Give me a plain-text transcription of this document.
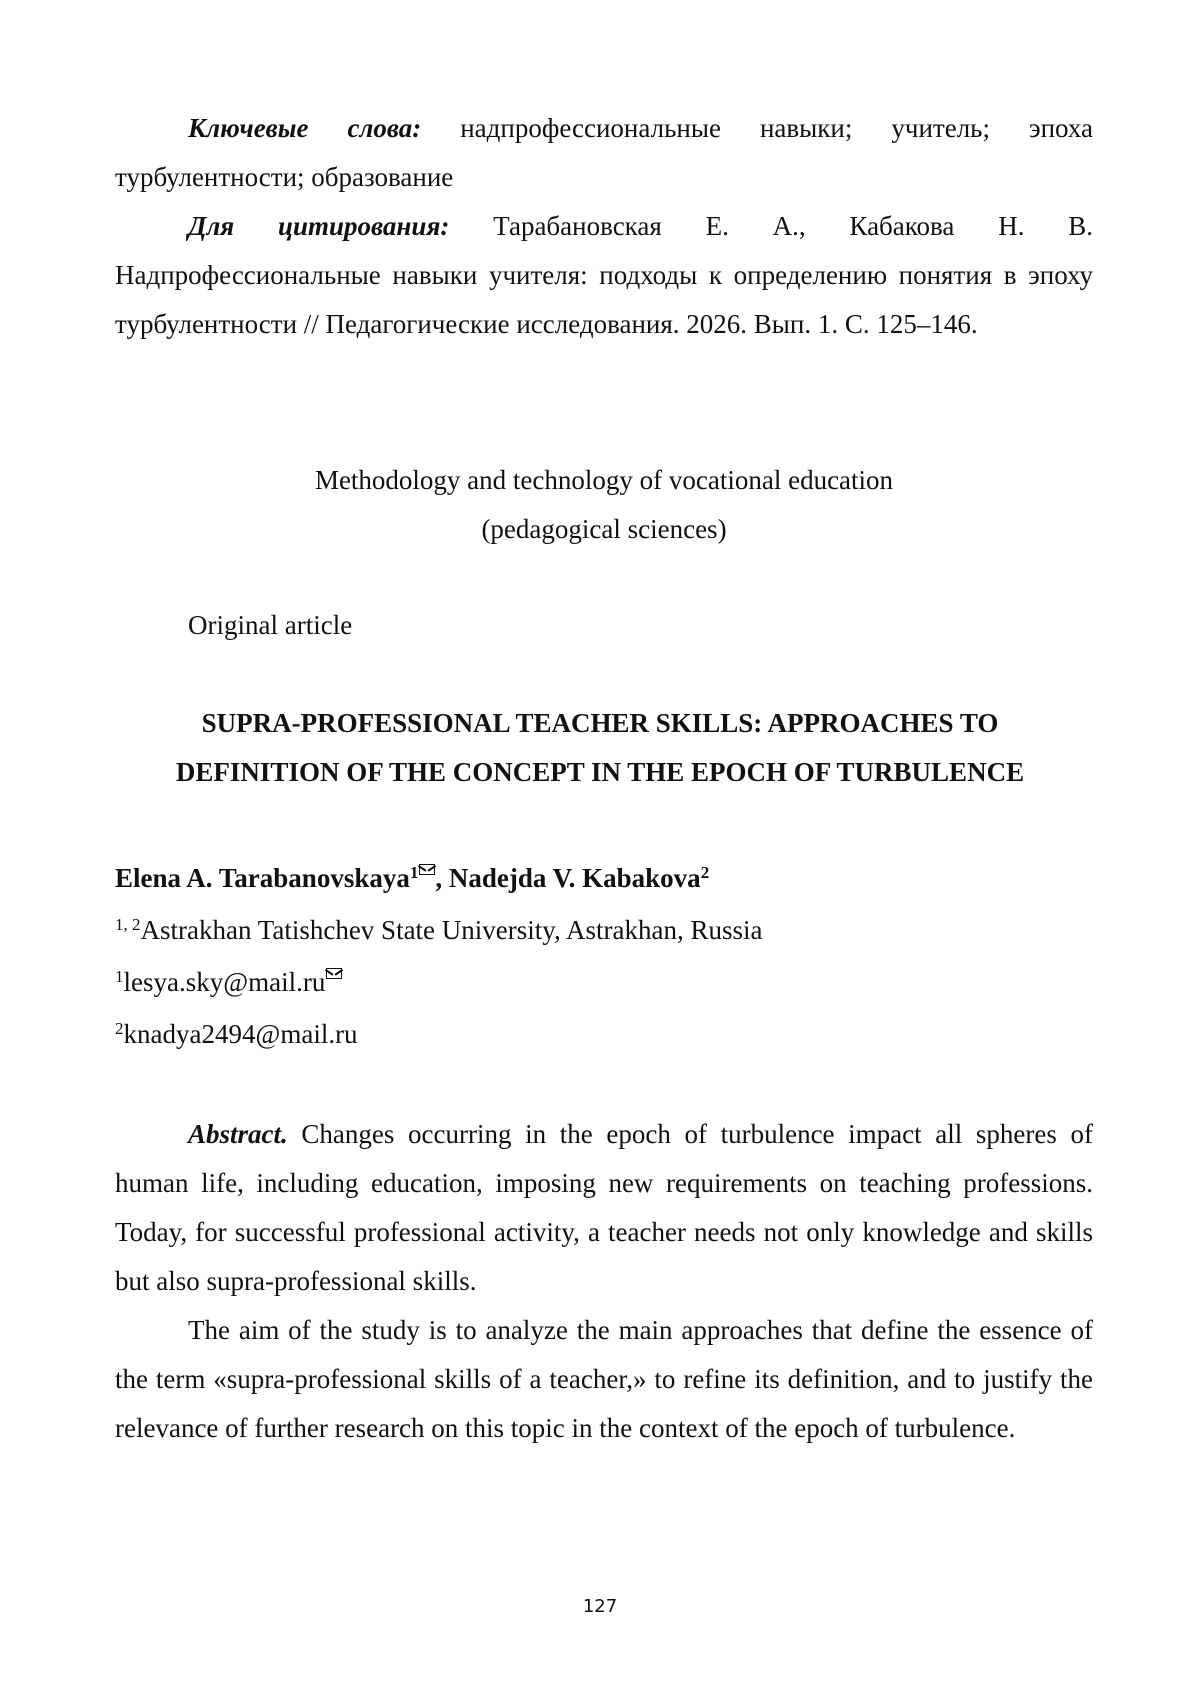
Ключевые слова: надпрофессиональные навыки; учитель; эпоха турбулентности; образование
Для цитирования: Тарабановская Е. А., Кабакова Н. В. Надпрофессиональные навыки учителя: подходы к определению понятия в эпоху турбулентности // Педагогические исследования. 2026. Вып. 1. С. 125–146.
Methodology and technology of vocational education
(pedagogical sciences)
Original article
SUPRA-PROFESSIONAL TEACHER SKILLS: APPROACHES TO
DEFINITION OF THE CONCEPT IN THE EPOCH OF TURBULENCE
Elena A. Tarabanovskaya$^1$ , Nadejda V. Kabakova$^2$
$^{1, 2}$Astrakhan Tatishchev State University, Astrakhan, Russia
$^1$lesya.sky@mail.ru
$^2$knadya2494@mail.ru
Abstract. Changes occurring in the epoch of turbulence impact all spheres of human life, including education, imposing new requirements on teaching professions. Today, for successful professional activity, a teacher needs not only knowledge and skills but also supra-professional skills.
The aim of the study is to analyze the main approaches that define the essence of the term «supra-professional skills of a teacher,» to refine its definition, and to justify the relevance of further research on this topic in the context of the epoch of turbulence.
127
